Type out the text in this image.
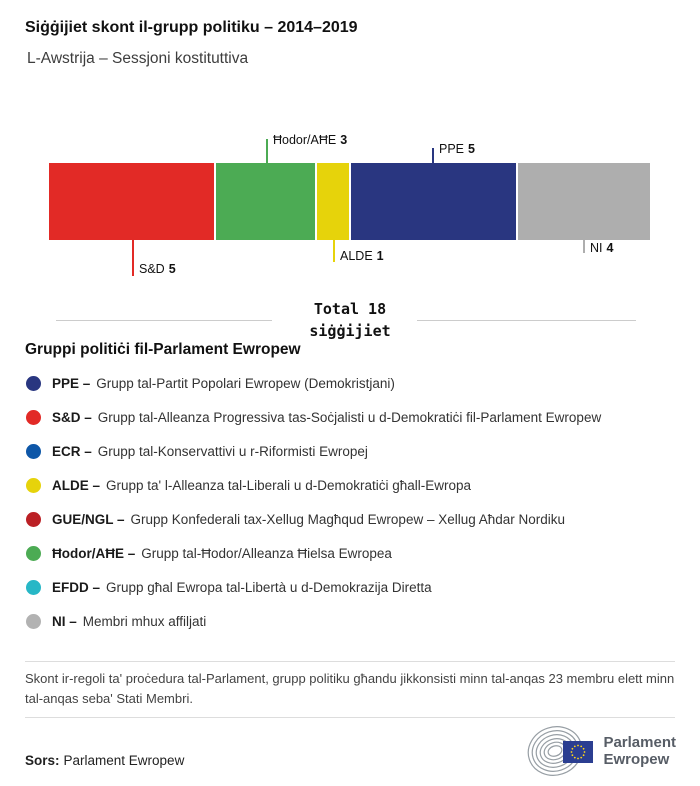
Siġġijiet skont il-grupp politiku – 2014–2019
L-Awstrija – Sessjoni kostituttiva
Ħodor/AĦE 3
PPE 5
S&D 5
ALDE 1
NI 4
Total 18
siġġijiet
Gruppi politiċi fil-Parlament Ewropew
PPE – Grupp tal-Partit Popolari Ewropew (Demokristjani)
S&D – Grupp tal-Alleanza Progressiva tas-Soċjalisti u d-Demokratiċi fil-Parlament Ewropew
ECR – Grupp tal-Konservattivi u r-Riformisti Ewropej
ALDE – Grupp ta' l-Alleanza tal-Liberali u d-Demokratiċi għall-Ewropa
GUE/NGL – Grupp Konfederali tax-Xellug Magħqud Ewropew – Xellug Aħdar Nordiku
Ħodor/AĦE – Grupp tal-Ħodor/Alleanza Ħielsa Ewropea
EFDD – Grupp għal Ewropa tal-Libertà u d-Demokrazija Diretta
NI – Membri mhux affiljati
Skont ir-regoli ta' proċedura tal-Parlament, grupp politiku għandu jikkonsisti minn tal-anqas 23 membru elett minn tal-anqas seba' Stati Membri.
Sors: Parlament Ewropew
Parlament
Ewropew
